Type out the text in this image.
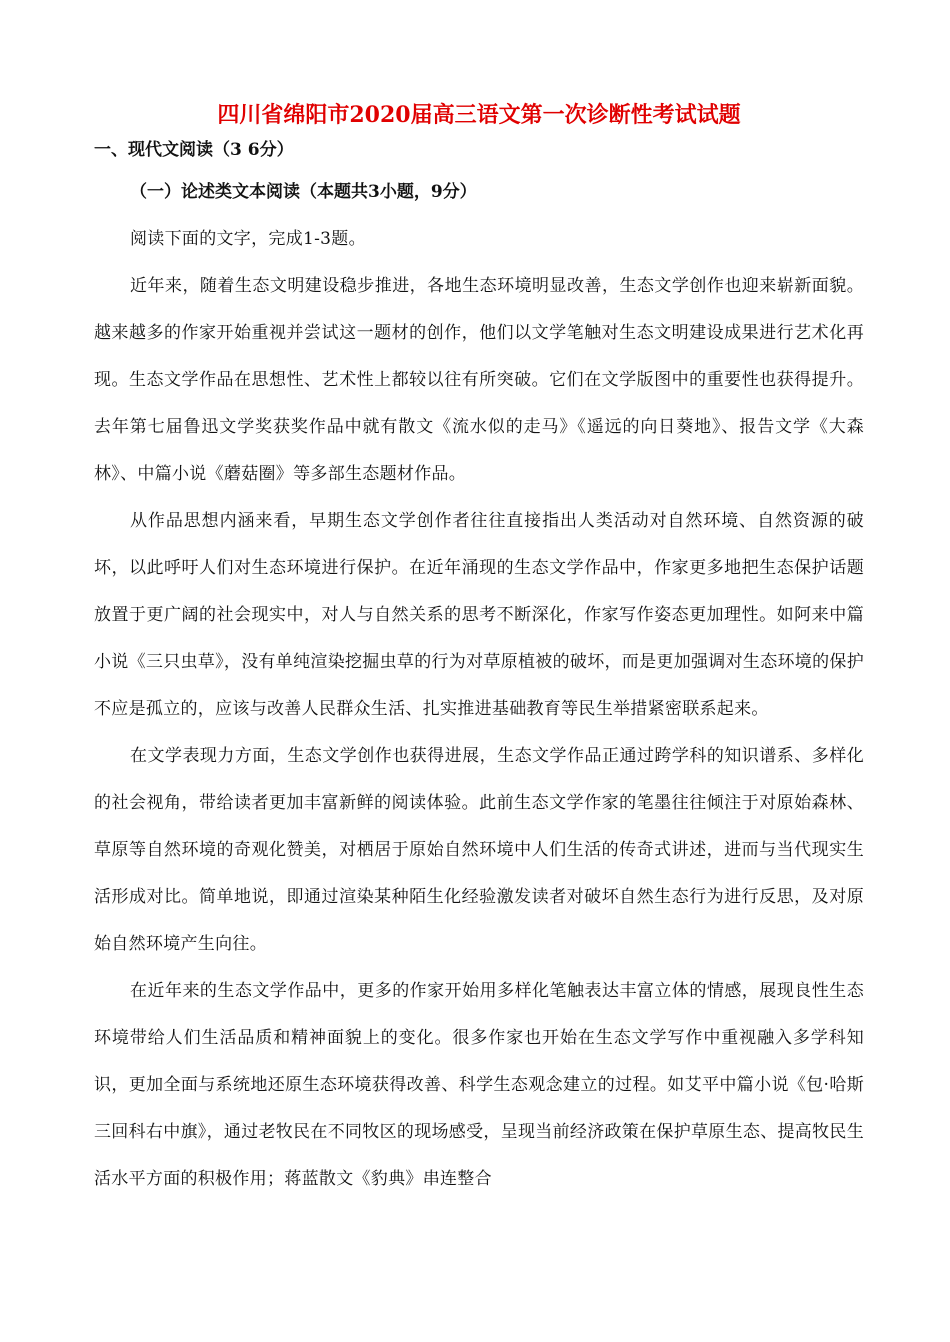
四川省绵阳市2020届高三语文第一次诊断性考试试题
一、现代文阅读（3 6分）
（一）论述类文本阅读（本题共3小题，9分）

阅读下面的文字，完成1-3题。

近年来，随着生态文明建设稳步推进，各地生态环境明显改善，生态文学创作也迎来崭新面貌。越来越多的作家开始重视并尝试这一题材的创作，他们以文学笔触对生态文明建设成果进行艺术化再现。生态文学作品在思想性、艺术性上都较以往有所突破。它们在文学版图中的重要性也获得提升。去年第七届鲁迅文学奖获奖作品中就有散文《流水似的走马》《遥远的向日葵地》、报告文学《大森林》、中篇小说《蘑菇圈》等多部生态题材作品。

从作品思想内涵来看，早期生态文学创作者往往直接指出人类活动对自然环境、自然资源的破坏，以此呼吁人们对生态环境进行保护。在近年涌现的生态文学作品中，作家更多地把生态保护话题放置于更广阔的社会现实中，对人与自然关系的思考不断深化，作家写作姿态更加理性。如阿来中篇小说《三只虫草》，没有单纯渲染挖掘虫草的行为对草原植被的破坏，而是更加强调对生态环境的保护不应是孤立的，应该与改善人民群众生活、扎实推进基础教育等民生举措紧密联系起来。

在文学表现力方面，生态文学创作也获得进展，生态文学作品正通过跨学科的知识谱系、多样化的社会视角，带给读者更加丰富新鲜的阅读体验。此前生态文学作家的笔墨往往倾注于对原始森林、草原等自然环境的奇观化赞美，对栖居于原始自然环境中人们生活的传奇式讲述，进而与当代现实生活形成对比。简单地说，即通过渲染某种陌生化经验激发读者对破坏自然生态行为进行反思，及对原始自然环境产生向往。

在近年来的生态文学作品中，更多的作家开始用多样化笔触表达丰富立体的情感，展现良性生态环境带给人们生活品质和精神面貌上的变化。很多作家也开始在生态文学写作中重视融入多学科知识，更加全面与系统地还原生态环境获得改善、科学生态观念建立的过程。如艾平中篇小说《包·哈斯三回科右中旗》，通过老牧民在不同牧区的现场感受，呈现当前经济政策在保护草原生态、提高牧民生活水平方面的积极作用；蒋蓝散文《豹典》串连整合
